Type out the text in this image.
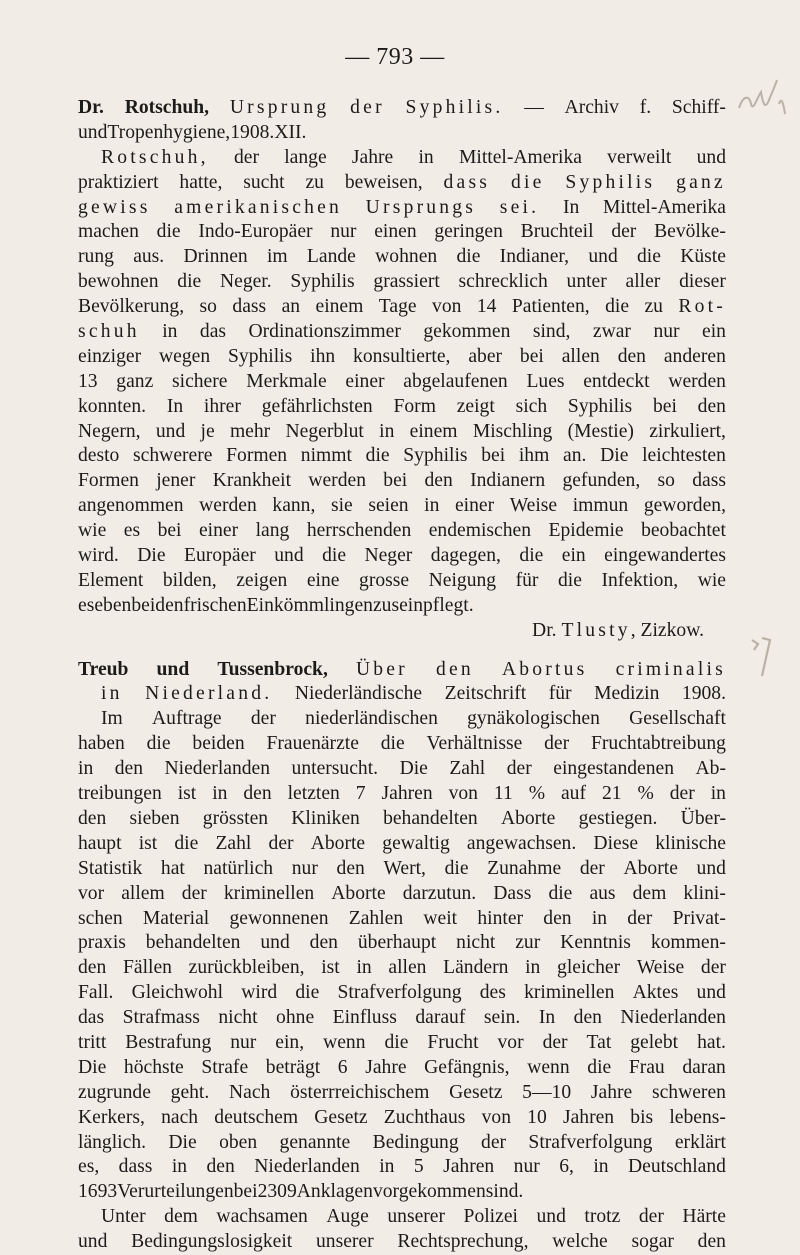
— 793 —
Dr. Rotschuh, Ursprung der Syphilis. — Archiv f. Schiff-
und Tropenhygiene, 1908. XII.
Rotschuh, der lange Jahre in Mittel-Amerika verweilt und
praktiziert hatte, sucht zu beweisen, dass die Syphilis ganz
gewiss amerikanischen Ursprungs sei. In Mittel-Amerika
machen die Indo-Europäer nur einen geringen Bruchteil der Bevölke-
rung aus. Drinnen im Lande wohnen die Indianer, und die Küste
bewohnen die Neger. Syphilis grassiert schrecklich unter aller dieser
Bevölkerung, so dass an einem Tage von 14 Patienten, die zu Rot-
schuh in das Ordinationszimmer gekommen sind, zwar nur ein
einziger wegen Syphilis ihn konsultierte, aber bei allen den anderen
13 ganz sichere Merkmale einer abgelaufenen Lues entdeckt werden
konnten. In ihrer gefährlichsten Form zeigt sich Syphilis bei den
Negern, und je mehr Negerblut in einem Mischling (Mestie) zirkuliert,
desto schwerere Formen nimmt die Syphilis bei ihm an. Die leichtesten
Formen jener Krankheit werden bei den Indianern gefunden, so dass
angenommen werden kann, sie seien in einer Weise immun geworden,
wie es bei einer lang herrschenden endemischen Epidemie beobachtet
wird. Die Europäer und die Neger dagegen, die ein eingewandertes
Element bilden, zeigen eine grosse Neigung für die Infektion, wie
es eben bei den frischen Einkömmlingen zu sein pflegt.
Dr. Tlusty, Zizkow.
Treub und Tussenbrock, Über den Abortus criminalis
in Niederland. Niederländische Zeitschrift für Medizin 1908.
Im Auftrage der niederländischen gynäkologischen Gesellschaft
haben die beiden Frauenärzte die Verhältnisse der Fruchtabtreibung
in den Niederlanden untersucht. Die Zahl der eingestandenen Ab-
treibungen ist in den letzten 7 Jahren von 11 % auf 21 % der in
den sieben grössten Kliniken behandelten Aborte gestiegen. Über-
haupt ist die Zahl der Aborte gewaltig angewachsen. Diese klinische
Statistik hat natürlich nur den Wert, die Zunahme der Aborte und
vor allem der kriminellen Aborte darzutun. Dass die aus dem klini-
schen Material gewonnenen Zahlen weit hinter den in der Privat-
praxis behandelten und den überhaupt nicht zur Kenntnis kommen-
den Fällen zurückbleiben, ist in allen Ländern in gleicher Weise der
Fall. Gleichwohl wird die Strafverfolgung des kriminellen Aktes und
das Strafmass nicht ohne Einfluss darauf sein. In den Niederlanden
tritt Bestrafung nur ein, wenn die Frucht vor der Tat gelebt hat.
Die höchste Strafe beträgt 6 Jahre Gefängnis, wenn die Frau daran
zugrunde geht. Nach österrreichischem Gesetz 5—10 Jahre schweren
Kerkers, nach deutschem Gesetz Zuchthaus von 10 Jahren bis lebens-
länglich. Die oben genannte Bedingung der Strafverfolgung erklärt
es, dass in den Niederlanden in 5 Jahren nur 6, in Deutschland
1693 Verurteilungen bei 2309 Anklagen vorgekommen sind.
Unter dem wachsamen Auge unserer Polizei und trotz der Härte
und Bedingungslosigkeit unserer Rechtsprechung, welche sogar den
